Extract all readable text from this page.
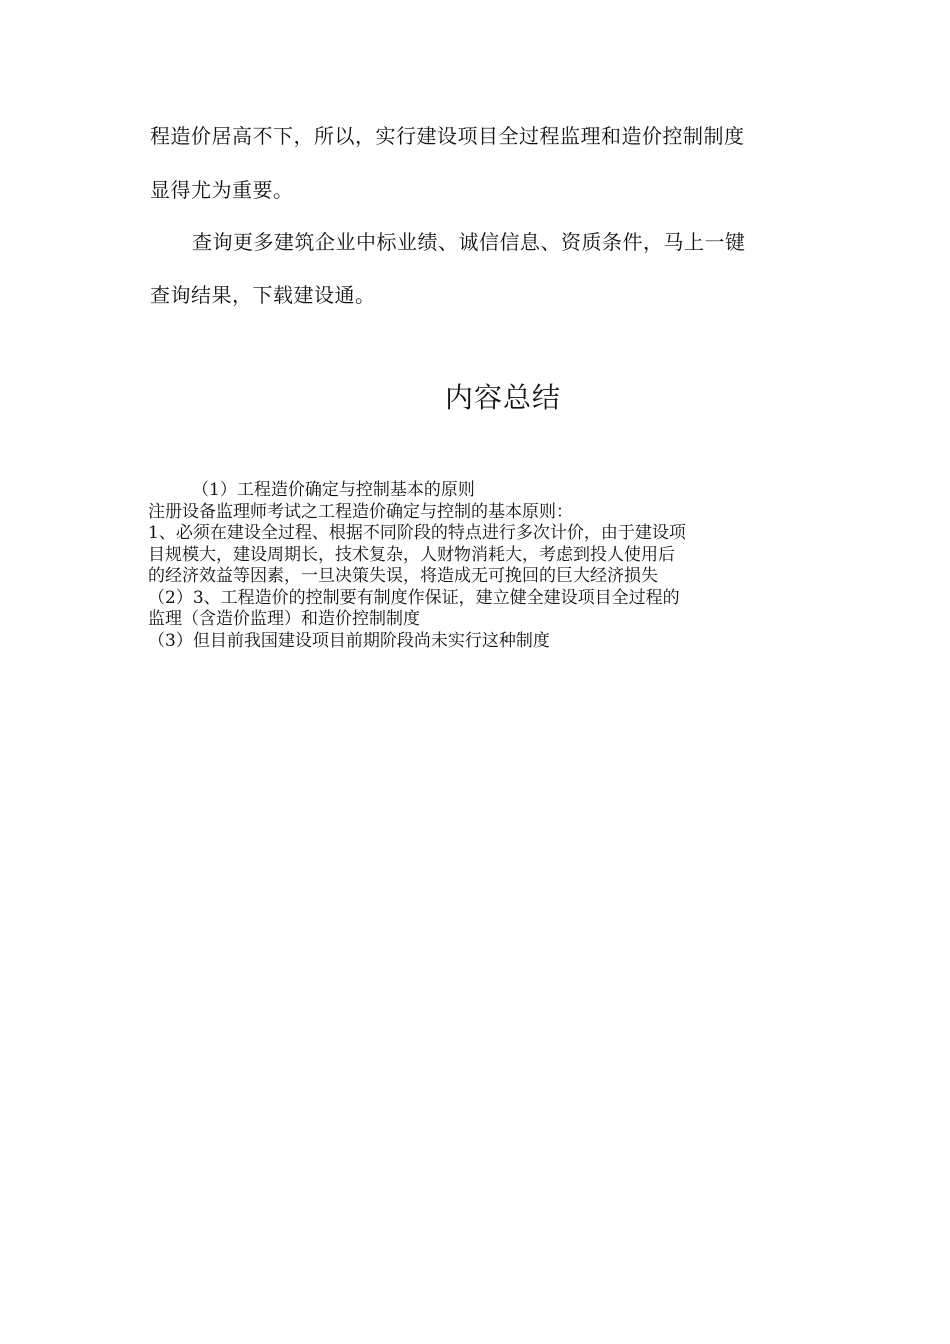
程造价居高不下，所以，实行建设项目全过程监理和造价控制制度
显得尤为重要。
查询更多建筑企业中标业绩、诚信信息、资质条件，马上一键
查询结果，下载建设通。
内容总结
（1）工程造价确定与控制基本的原则
注册设备监理师考试之工程造价确定与控制的基本原则：
1、必须在建设全过程、根据不同阶段的特点进行多次计价，由于建设项
目规模大，建设周期长，技术复杂，人财物消耗大，考虑到投人使用后
的经济效益等因素，一旦决策失误，将造成无可挽回的巨大经济损失
（2）3、工程造价的控制要有制度作保证，建立健全建设项目全过程的
监理（含造价监理）和造价控制制度
（3）但目前我国建设项目前期阶段尚未实行这种制度
